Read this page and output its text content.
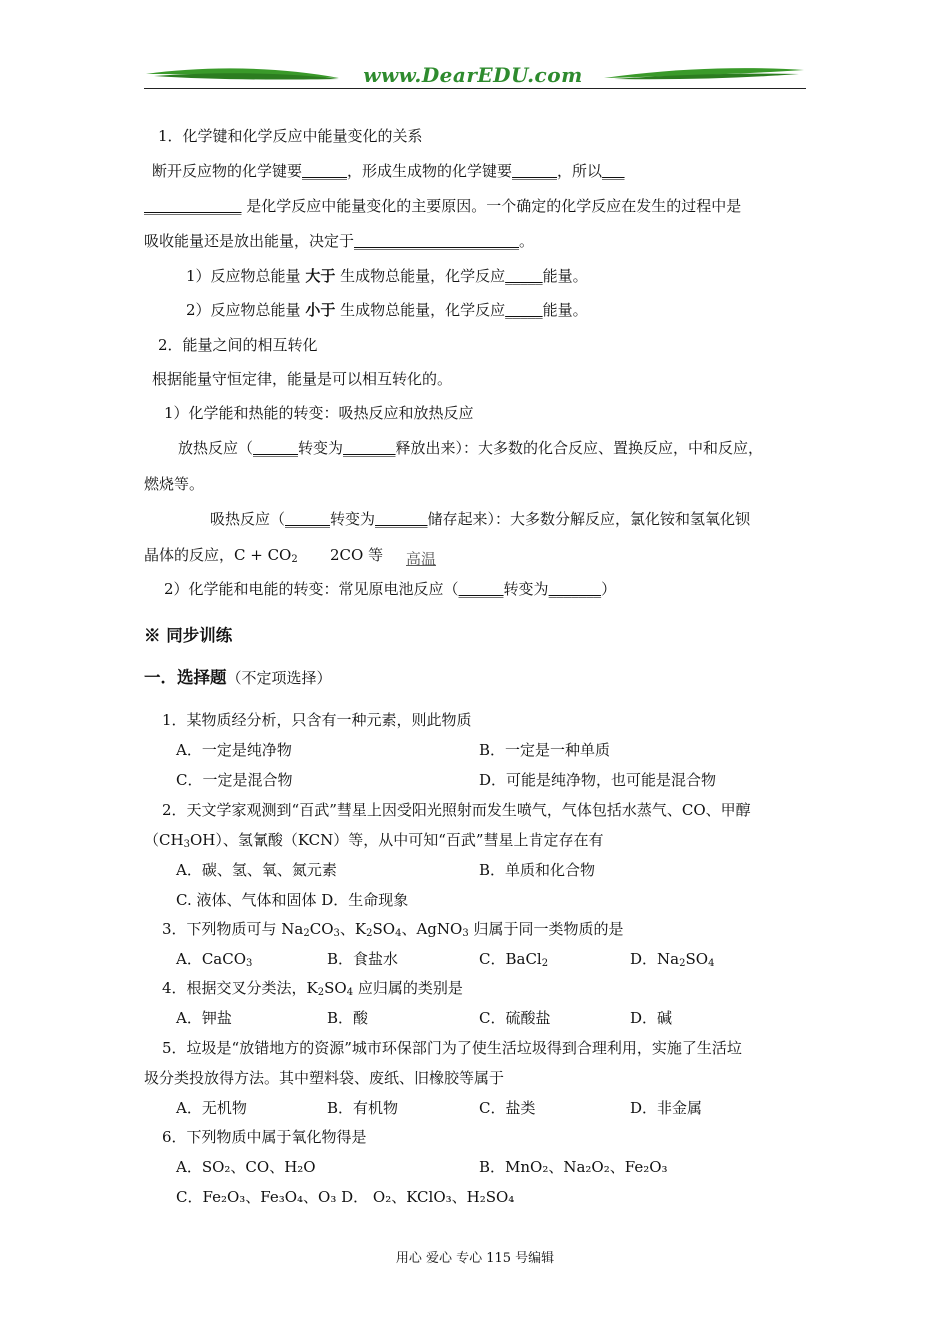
www.DearEDU.com
1．化学键和化学反应中能量变化的关系
断开反应物的化学键要______，形成生成物的化学键要______，所以___
_____________ 是化学反应中能量变化的主要原因。一个确定的化学反应在发生的过程中是
吸收能量还是放出能量，决定于______________________。
1）反应物总能量 大于 生成物总能量，化学反应_____能量。
2）反应物总能量 小于 生成物总能量，化学反应_____能量。
2．能量之间的相互转化
根据能量守恒定律，能量是可以相互转化的。
1）化学能和热能的转变：吸热反应和放热反应
放热反应（______转变为_______释放出来）：大多数的化合反应、置换反应，中和反应，
燃烧等。
吸热反应（______转变为_______储存起来）：大多数分解反应，氯化铵和氢氧化钡
晶体的反应，$C + CO_2$ 2CO 等 高温
2）化学能和电能的转变：常见原电池反应（______转变为_______）
※ 同步训练
一．选择题（不定项选择）
1．某物质经分析，只含有一种元素，则此物质
A．一定是纯净物	B．一定是一种单质
C．一定是混合物	D．可能是纯净物，也可能是混合物
2．天文学家观测到“百武”彗星上因受阳光照射而发生喷气，气体包括水蒸气、CO、甲醇
$(CH_3OH)$、氢氰酸（KCN）等，从中可知“百武”彗星上肯定存在有
A．碳、氢、氧、氮元素	B．单质和化合物
C. 液体、气体和固体 D．生命现象
3．下列物质可与 $Na_2CO_3$、$K_2SO_4$、AgNO$_3$ 归属于同一类物质的是
A．CaCO$_3$	B．食盐水	C．BaCl$_2$	D．$Na_2SO_4$
4．根据交叉分类法，$K_2SO_4$ 应归属的类别是
A．钾盐	B．酸	C．硫酸盐	D．碱
5．垃圾是“放错地方的资源”城市环保部门为了使生活垃圾得到合理利用，实施了生活垃
圾分类投放得方法。其中塑料袋、废纸、旧橡胶等属于
A．无机物	B．有机物	C．盐类	D．非金属
6．下列物质中属于氧化物得是
A．SO₂、CO、H₂O	B．MnO₂、Na₂O₂、Fe₂O₃
C．Fe₂O₃、Fe₃O₄、O₃ D． O₂、KClO₃、H₂SO₄
用心 爱心 专心 115 号编辑
